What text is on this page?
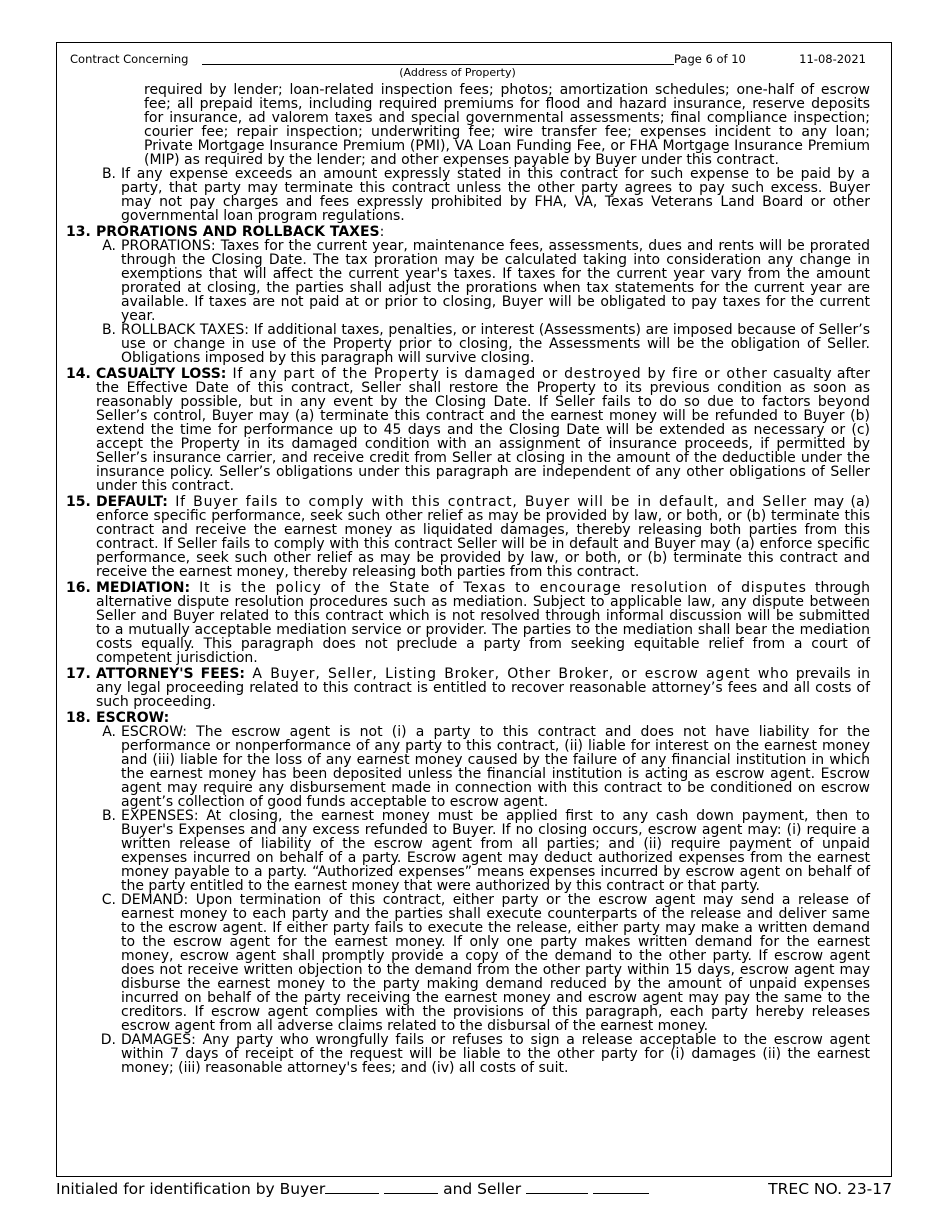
Contract Concerning	Page 6 of 10	11-08-2021
(Address of Property)

required by lender; loan-related inspection fees; photos; amortization schedules; one-half of escrow fee; all prepaid items, including required premiums for flood and hazard insurance, reserve deposits for insurance, ad valorem taxes and special governmental assessments; final compliance inspection; courier fee; repair inspection; underwriting fee; wire transfer fee; expenses incident to any loan; Private Mortgage Insurance Premium (PMI), VA Loan Funding Fee, or FHA Mortgage Insurance Premium (MIP) as required by the lender; and other expenses payable by Buyer under this contract.

B. If any expense exceeds an amount expressly stated in this contract for such expense to be paid by a party, that party may terminate this contract unless the other party agrees to pay such excess. Buyer may not pay charges and fees expressly prohibited by FHA, VA, Texas Veterans Land Board or other governmental loan program regulations.
13. PRORATIONS AND ROLLBACK TAXES:
A. PRORATIONS: Taxes for the current year, maintenance fees, assessments, dues and rents will be prorated through the Closing Date. The tax proration may be calculated taking into consideration any change in exemptions that will affect the current year's taxes. If taxes for the current year vary from the amount prorated at closing, the parties shall adjust the prorations when tax statements for the current year are available. If taxes are not paid at or prior to closing, Buyer will be obligated to pay taxes for the current year.
B. ROLLBACK TAXES: If additional taxes, penalties, or interest (Assessments) are imposed because of Seller’s use or change in use of the Property prior to closing, the Assessments will be the obligation of Seller. Obligations imposed by this paragraph will survive closing.
14. CASUALTY LOSS: If any part of the Property is damaged or destroyed by fire or other casualty after the Effective Date of this contract, Seller shall restore the Property to its previous condition as soon as reasonably possible, but in any event by the Closing Date. If Seller fails to do so due to factors beyond Seller’s control, Buyer may (a) terminate this contract and the earnest money will be refunded to Buyer (b) extend the time for performance up to 45 days and the Closing Date will be extended as necessary or (c) accept the Property in its damaged condition with an assignment of insurance proceeds, if permitted by Seller’s insurance carrier, and receive credit from Seller at closing in the amount of the deductible under the insurance policy. Seller’s obligations under this paragraph are independent of any other obligations of Seller under this contract.
15. DEFAULT: If Buyer fails to comply with this contract, Buyer will be in default, and Seller may (a) enforce specific performance, seek such other relief as may be provided by law, or both, or (b) terminate this contract and receive the earnest money as liquidated damages, thereby releasing both parties from this contract. If Seller fails to comply with this contract Seller will be in default and Buyer may (a) enforce specific performance, seek such other relief as may be provided by law, or both, or (b) terminate this contract and receive the earnest money, thereby releasing both parties from this contract.
16. MEDIATION: It is the policy of the State of Texas to encourage resolution of disputes through alternative dispute resolution procedures such as mediation. Subject to applicable law, any dispute between Seller and Buyer related to this contract which is not resolved through informal discussion will be submitted to a mutually acceptable mediation service or provider. The parties to the mediation shall bear the mediation costs equally. This paragraph does not preclude a party from seeking equitable relief from a court of competent jurisdiction.
17. ATTORNEY'S FEES: A Buyer, Seller, Listing Broker, Other Broker, or escrow agent who prevails in any legal proceeding related to this contract is entitled to recover reasonable attorney’s fees and all costs of such proceeding.
18. ESCROW:
A. ESCROW: The escrow agent is not (i) a party to this contract and does not have liability for the performance or nonperformance of any party to this contract, (ii) liable for interest on the earnest money and (iii) liable for the loss of any earnest money caused by the failure of any financial institution in which the earnest money has been deposited unless the financial institution is acting as escrow agent. Escrow agent may require any disbursement made in connection with this contract to be conditioned on escrow agent’s collection of good funds acceptable to escrow agent.
B. EXPENSES: At closing, the earnest money must be applied first to any cash down payment, then to Buyer's Expenses and any excess refunded to Buyer. If no closing occurs, escrow agent may: (i) require a written release of liability of the escrow agent from all parties; and (ii) require payment of unpaid expenses incurred on behalf of a party. Escrow agent may deduct authorized expenses from the earnest money payable to a party. “Authorized expenses” means expenses incurred by escrow agent on behalf of the party entitled to the earnest money that were authorized by this contract or that party.
C. DEMAND: Upon termination of this contract, either party or the escrow agent may send a release of earnest money to each party and the parties shall execute counterparts of the release and deliver same to the escrow agent. If either party fails to execute the release, either party may make a written demand to the escrow agent for the earnest money. If only one party makes written demand for the earnest money, escrow agent shall promptly provide a copy of the demand to the other party. If escrow agent does not receive written objection to the demand from the other party within 15 days, escrow agent may disburse the earnest money to the party making demand reduced by the amount of unpaid expenses incurred on behalf of the party receiving the earnest money and escrow agent may pay the same to the creditors. If escrow agent complies with the provisions of this paragraph, each party hereby releases escrow agent from all adverse claims related to the disbursal of the earnest money.
D. DAMAGES: Any party who wrongfully fails or refuses to sign a release acceptable to the escrow agent within 7 days of receipt of the request will be liable to the other party for (i) damages (ii) the earnest money; (iii) reasonable attorney's fees; and (iv) all costs of suit.
Initialed for identification by Buyer	and Seller	TREC NO. 23-17
